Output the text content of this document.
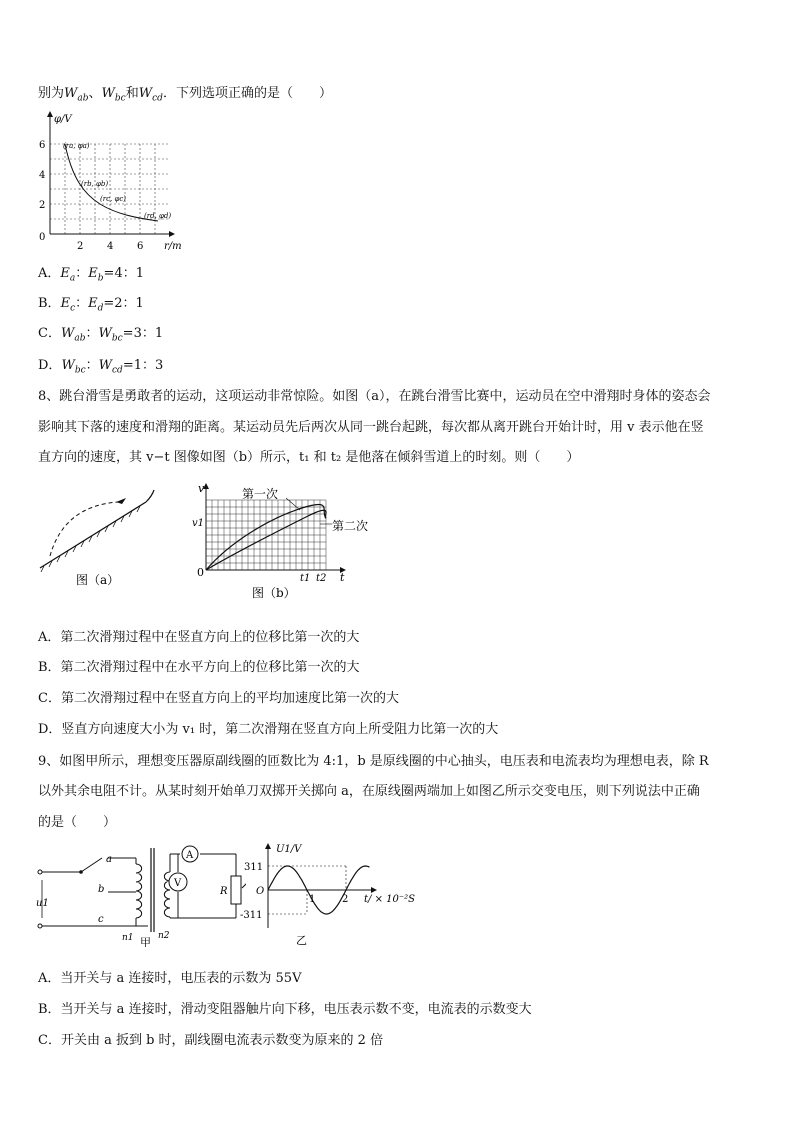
别为$W_{ab}$、$W_{bc}$和$W_{cd}$．下列选项正确的是（　　）
φ/V
r/m
0
6
4
2
2 4 6
(ra, φa)
(rb, φb)
(rc, φc)
(rd, φd)
A．$E_a$：$E_b=4$：1
B．$E_c$：$E_d=2$：1
C．$W_{ab}$：$W_{bc}=3$：1
D．$W_{bc}$：$W_{cd}=1$：3
8、跳台滑雪是勇敢者的运动，这项运动非常惊险。如图（a），在跳台滑雪比赛中，运动员在空中滑翔时身体的姿态会
影响其下落的速度和滑翔的距离。某运动员先后两次从同一跳台起跳，每次都从离开跳台开始计时，用 v 表示他在竖
直方向的速度，其 v−t 图像如图（b）所示，t₁ 和 t₂ 是他落在倾斜雪道上的时刻。则（　　）
图（a）
v
t
0
v1
t1 t2
第一次
第二次
图（b）
A．第二次滑翔过程中在竖直方向上的位移比第一次的大
B．第二次滑翔过程中在水平方向上的位移比第一次的大
C．第二次滑翔过程中在竖直方向上的平均加速度比第一次的大
D．竖直方向速度大小为 v₁ 时，第二次滑翔在竖直方向上所受阻力比第一次的大
9、如图甲所示，理想变压器原副线圈的匝数比为 4:1，b 是原线圈的中心抽头，电压表和电流表均为理想电表，除 R
以外其余电阻不计。从某时刻开始单刀双掷开关掷向 a，在原线圈两端加上如图乙所示交变电压，则下列说法中正确
的是（　　）
A
V
R
a
b
c
u1
n1	n2
甲
U1/V
311
-311
O
1	2 t/ × 10⁻²S
乙
A．当开关与 a 连接时，电压表的示数为 55V
B．当开关与 a 连接时，滑动变阻器触片向下移，电压表示数不变，电流表的示数变大
C．开关由 a 扳到 b 时，副线圈电流表示数变为原来的 2 倍
